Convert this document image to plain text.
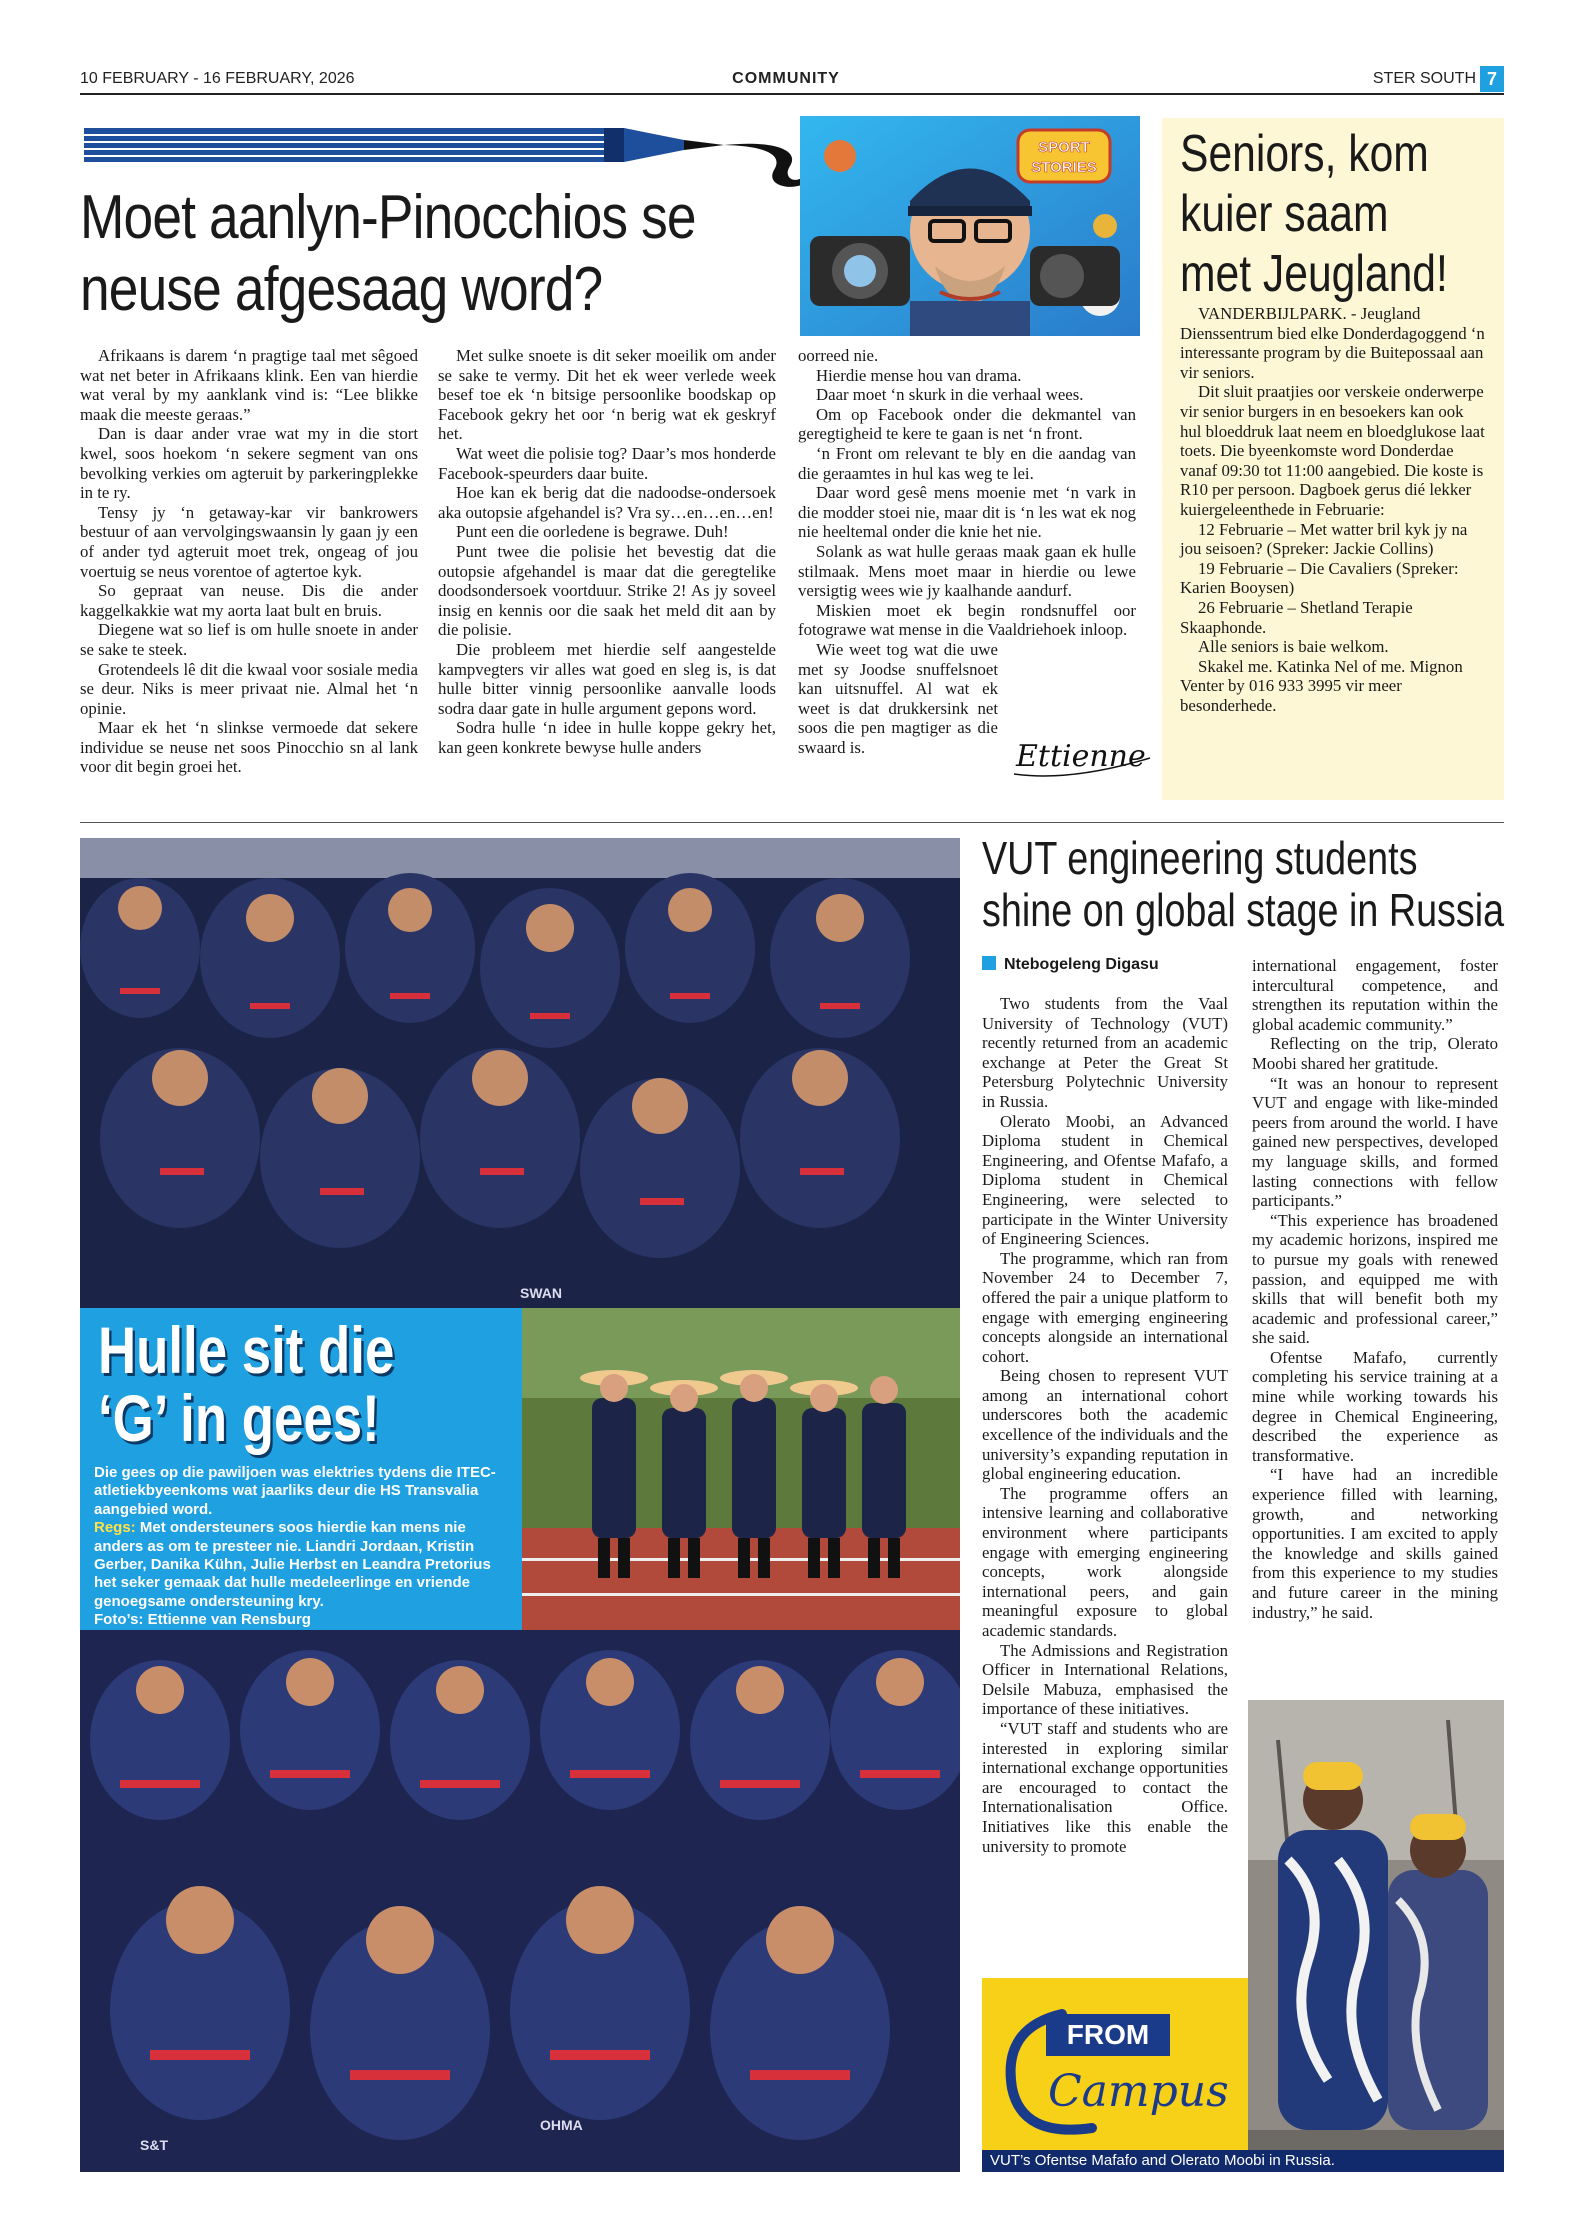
10 FEBRUARY - 16 FEBRUARY, 2026	COMMUNITY	STER SOUTH 7
Moet aanlyn-Pinocchios se
neuse afgesaag word?
SPORT
STORIES

Afrikaans is darem ‘n pragtige taal met sêgoed wat net beter in Afrikaans klink. Een van hierdie wat veral by my aanklank vind is: “Lee blikke maak die meeste geraas.”

Dan is daar ander vrae wat my in die stort kwel, soos hoekom ‘n sekere segment van ons bevolking verkies om agteruit by parkeringplekke in te ry.

Tensy jy ‘n getaway-kar vir bankrowers bestuur of aan vervolgingswaansin ly gaan jy een of ander tyd agteruit moet trek, ongeag of jou voertuig se neus vorentoe of agtertoe kyk.

So gepraat van neuse. Dis die ander kaggelkakkie wat my aorta laat bult en bruis.

Diegene wat so lief is om hulle snoete in ander se sake te steek.

Grotendeels lê dit die kwaal voor sosiale media se deur. Niks is meer privaat nie. Almal het ‘n opinie.

Maar ek het ‘n slinkse vermoede dat sekere individue se neuse net soos Pinocchio sn al lank voor dit begin groei het.

Met sulke snoete is dit seker moeilik om ander se sake te vermy. Dit het ek weer verlede week besef toe ek ‘n bitsige persoonlike boodskap op Facebook gekry het oor ‘n berig wat ek geskryf het.

Wat weet die polisie tog? Daar’s mos honderde Facebook-speurders daar buite.

Hoe kan ek berig dat die nadoodse-ondersoek aka outopsie afgehandel is? Vra sy…en…en…en!

Punt een die oorledene is begrawe. Duh!

Punt twee die polisie het bevestig dat die outopsie afgehandel is maar dat die geregtelike doodsondersoek voortduur. Strike 2! As jy soveel insig en kennis oor die saak het meld dit aan by die polisie.

Die probleem met hierdie self aangestelde kampvegters vir alles wat goed en sleg is, is dat hulle bitter vinnig persoonlike aanvalle loods sodra daar gate in hulle argument gepons word.

Sodra hulle ‘n idee in hulle koppe gekry het, kan geen konkrete bewyse hulle anders

oorreed nie.

Hierdie mense hou van drama.

Daar moet ‘n skurk in die verhaal wees.

Om op Facebook onder die dekmantel van geregtigheid te kere te gaan is net ‘n front.

‘n Front om relevant te bly en die aandag van die geraamtes in hul kas weg te lei.

Daar word gesê mens moenie met ‘n vark in die modder stoei nie, maar dit is ‘n les wat ek nog nie heeltemal onder die knie het nie.

Solank as wat hulle geraas maak gaan ek hulle stilmaak. Mens moet maar in hierdie ou lewe versigtig wees wie jy kaalhande aandurf.

Miskien moet ek begin rondsnuffel oor fotograwe wat mense in die Vaaldriehoek inloop.

Wie weet tog wat die uwe met sy Joodse snuffelsnoet kan uitsnuffel. Al wat ek weet is dat drukkersink net soos die pen magtiger as die swaard is.	Ettienne
Seniors, kom
kuier saam
met Jeugland!

VANDERBIJLPARK. - Jeugland Dienssentrum bied elke Donderdagoggend ‘n interessante program by die Buitepossaal aan vir seniors.

Dit sluit praatjies oor verskeie onderwerpe vir senior burgers in en besoekers kan ook hul bloeddruk laat neem en bloedglukose laat toets. Die byeenkomste word Donderdae vanaf 09:30 tot 11:00 aangebied. Die koste is R10 per persoon. Dagboek gerus dié lekker kuiergeleenthede in Februarie:

12 Februarie – Met watter bril kyk jy na jou seisoen? (Spreker: Jackie Collins)

19 Februarie – Die Cavaliers (Spreker: Karien Booysen)

26 Februarie – Shetland Terapie Skaaphonde.

Alle seniors is baie welkom.

Skakel me. Katinka Nel of me. Mignon Venter by 016 933 3995 vir meer besonderhede.

SWAN
Hulle sit die
‘G’ in gees!
Die gees op die pawiljoen was elektries tydens die ITEC-atletiekbyeenkoms wat jaarliks deur die HS Transvalia aangebied word.
Regs: Met ondersteuners soos hierdie kan mens nie anders as om te presteer nie. Liandri Jordaan, Kristin Gerber, Danika Kühn, Julie Herbst en Leandra Pretorius het seker gemaak dat hulle medeleerlinge en vriende genoegsame ondersteuning kry.
Foto’s: Ettienne van Rensburg
S&T
OHMA
VUT engineering students
shine on global stage in Russia
Ntebogeleng Digasu

Two students from the Vaal University of Technology (VUT) recently returned from an academic exchange at Peter the Great St Petersburg Polytechnic University in Russia.

Olerato Moobi, an Advanced Diploma student in Chemical Engineering, and Ofentse Mafafo, a Diploma student in Chemical Engineering, were selected to participate in the Winter University of Engineering Sciences.

The programme, which ran from November 24 to December 7, offered the pair a unique platform to engage with emerging engineering concepts alongside an international cohort.

Being chosen to represent VUT among an international cohort underscores both the academic excellence of the individuals and the university’s expanding reputation in global engineering education.

The programme offers an intensive learning and collaborative environment where participants engage with emerging engineering concepts, work alongside international peers, and gain meaningful exposure to global academic standards.

The Admissions and Registration Officer in International Relations, Delsile Mabuza, emphasised the importance of these initiatives.

“VUT staff and students who are interested in exploring similar international exchange opportunities are encouraged to contact the Internationalisation Office. Initiatives like this enable the university to promote

international engagement, foster intercultural competence, and strengthen its reputation within the global academic community.”

Reflecting on the trip, Olerato Moobi shared her gratitude.

“It was an honour to represent VUT and engage with like-minded peers from around the world. I have gained new perspectives, developed my language skills, and formed lasting connections with fellow participants.”

“This experience has broadened my academic horizons, inspired me to pursue my goals with renewed passion, and equipped me with skills that will benefit both my academic and professional career,” she said.

Ofentse Mafafo, currently completing his service training at a mine while working towards his degree in Chemical Engineering, described the experience as transformative.

“I have had an incredible experience filled with learning, growth, and networking opportunities. I am excited to apply the knowledge and skills gained from this experience to my studies and future career in the mining industry,” he said.

FROM
Campus
VUT’s Ofentse Mafafo and Olerato Moobi in Russia.
